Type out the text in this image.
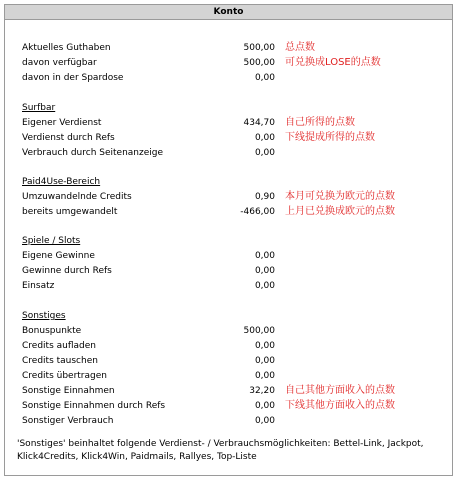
Konto
Aktuelles Guthaben	500,00 总点数
davon verfügbar	500,00 可兑换成LOSE的点数
davon in der Spardose	0,00
Surfbar
Eigener Verdienst	434,70 自己所得的点数
Verdienst durch Refs	0,00 下线提成所得的点数
Verbrauch durch Seitenanzeige	0,00
Paid4Use-Bereich
Umzuwandelnde Credits	0,90 本月可兑换为欧元的点数
bereits umgewandelt	-466,00 上月已兑换成欧元的点数
Spiele / Slots
Eigene Gewinne	0,00
Gewinne durch Refs	0,00
Einsatz	0,00
Sonstiges
Bonuspunkte	500,00
Credits aufladen	0,00
Credits tauschen	0,00
Credits übertragen	0,00
Sonstige Einnahmen	32,20 自己其他方面收入的点数
Sonstige Einnahmen durch Refs	0,00 下线其他方面收入的点数
Sonstiger Verbrauch	0,00
'Sonstiges' beinhaltet folgende Verdienst- / Verbrauchsmöglichkeiten: Bettel-Link, Jackpot,
Klick4Credits, Klick4Win, Paidmails, Rallyes, Top-Liste
